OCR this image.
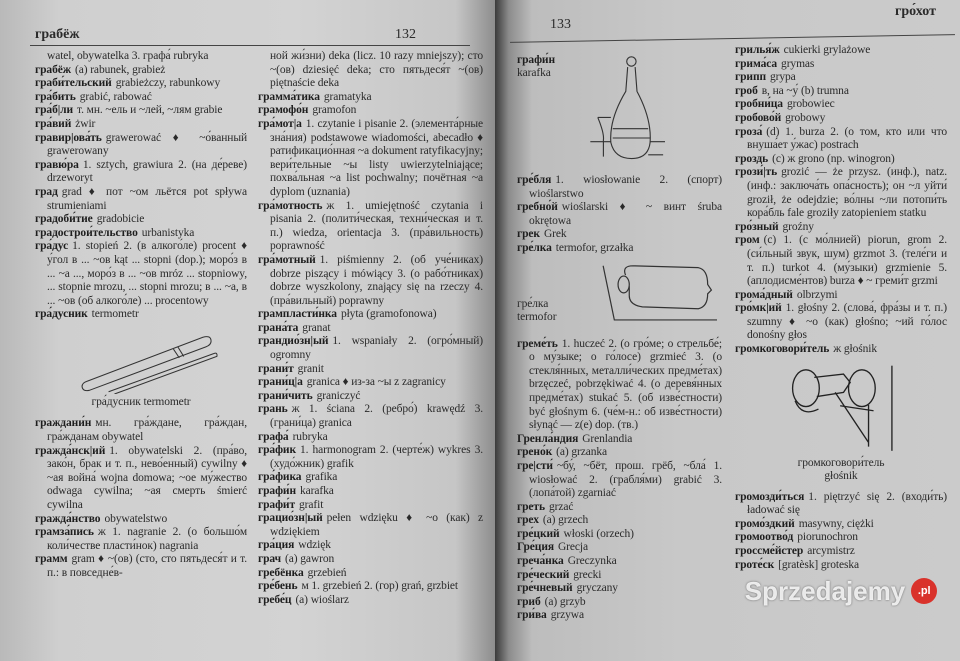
грабёж	132

watel, obywatelka 3. графа́ rubryka

грабёж (a) rabunek, grabież

граби́тельский grabieżczy, rabunkowy

гра́бить grabić, rabować

гра́б|ли т. мн. ~ель и ~лей, ~лям grabie

гра́вий żwir

гравир|ова́ть grawerować ♦ ~о́ванный grawerowany

гравю́ра 1. sztych, grawiura 2. (на де́реве) drzeworyt

град grad ♦ пот ~ом льётся pot spływa strumieniami

градоби́тие gradobicie

градострои́тельство urbanistyka

гра́дус 1. stopień 2. (в алкого́ле) procent ♦ у́гол в ... ~ов kąt ... stopni (dop.); моро́з в ... ~а ..., моро́з в ... ~ов mróz ... stopniowy, ... stopnie mrozu, ... stopni mrozu; в ... ~а, в ... ~ов (об алкого́ле) ... procentowy

гра́дусник termometr

гра́дусник termometr

граждани́н мн. гра́ждане, гра́ждан, гра́жданам obywatel

гражда́нск|ий 1. obywatelski 2. (пра́во, зако́н, брак и т. п., нево́енный) cywilny ♦ ~ая война́ wojna domowa; ~ое му́жество odwaga cywilna; ~ая смерть śmierć cywilna

гражда́нство obywatelstwo

грамза́пись ж 1. nagranie 2. (о большо́м коли́честве пласти́нок) nagrania

грамм gram ♦ ~(ов) (сто, сто пятьдеся́т и т. п.: в повседне́в-

ной жи́зни) deka (licz. 10 razy mniejszy); сто ~(ов) dziesięć deka; сто пятьдеся́т ~(ов) piętnaście deka

грамма́тика gramatyka

грамофо́н gramofon

гра́мот|а 1. czytanie i pisanie 2. (элемента́рные зна́ния) podstawowe wiadomości, abecadło ♦ ратификацио́нная ~а dokument ratyfikacyjny; вери́тельные ~ы listy uwierzytelniające; похва́льная ~а list pochwalny; почётная ~а dyplom (uznania)

гра́мотность ж 1. umiejętność czytania i pisania 2. (полити́ческая, техни́ческая и т. п.) wiedza, orientacja 3. (пра́вильность) poprawność

гра́мотный 1. piśmienny 2. (об уче́никах) dobrze piszący i mówiący 3. (о рабо́тниках) dobrze wyszkolony, znający się na rzeczy 4. (пра́вильный) poprawny

грампласти́нка płyta (gramofonowa)

грана́та granat

грандио́зн|ый 1. wspaniały 2. (огро́мный) ogromny

грани́т granit

грани́ц|а granica ♦ из-за ~ы z zagranicy

грани́чить graniczyć

грань ж 1. ściana 2. (ребро́) krawędź 3. (грани́ца) granica

графа́ rubryka

гра́фик 1. harmonogram 2. (черте́ж) wykres 3. (худо́жник) grafik

гра́фика grafika

графи́н karafka

графи́т grafit

грацио́зн|ый pełen wdzięku ♦ ~о (как) z wdziękiem

гра́ция wdzięk

грач (а) gawron

гребёнка grzebień

гре́бень м 1. grzebień 2. (гор) grań, grzbiet

гребе́ц (а) wioślarz

133
гро́хот
графи́н
karafka

гре́бля 1. wiosłowanie 2. (спорт) wioślarstwo

гребно́й wioślarski ♦ ~ винт śruba okrętowa

грек Grek

гре́лка termofor, grzałka

гре́лка
termofor

греме́ть 1. huczeć 2. (о гро́ме; о стрельбе́; о му́зыке; о го́лосе) grzmieć 3. (о стекля́нных, металли́ческих предме́тах) brzęczeć, pobrzękiwać 4. (о деревя́нных предме́тах) stukać 5. (об изве́стности) być głośnym 6. (че́м-н.: об изве́стности) słynąć — z(e) dop. (тв.)

Гренла́ндия Grenlandia

грено́к (а) grzanka

гре|сти́ ~бу́, ~бёт, прош. грёб, ~бла́ 1. wiosłować 2. (грабля́ми) grabić 3. (лопа́той) zgarniać

греть grzać

грех (а) grzech

гре́цкий włoski (orzech)

Гре́ция Grecja

греча́нка Greczynka

гре́ческий grecki

гре́чневый gryczany

гриб (а) grzyb

гри́ва grzywa

грилья́ж cukierki grylażowe

грима́са grymas

грипп grypa

гроб в, на ~у́ (b) trumna

гробни́ца grobowiec

гробово́й grobowy

гроза́ (d) 1. burza 2. (о том, кто или что внуша́ет у́жас) postrach

гроздь (c) ж grono (np. winogron)

грози́|ть grozić — że przysz. (инф.), natz. (инф.: заключа́ть опа́сность); он ~л уйти́ groził, że odejdzie; во́лны ~ли потопи́ть кора́бль fale groziły zatopieniem statku

гро́зный groźny

гром (c) 1. (с мо́лнией) piorun, grom 2. (си́льный звук, шум) grzmot 3. (теле́ги и т. п.) turkot 4. (му́зыки) grzmienie 5. (аплодисме́нтов) burza ♦ ~ греми́т grzmi

грома́дный olbrzymi

гро́мк|ий 1. głośny 2. (слова́, фра́зы и т. п.) szumny ♦ ~о (как) głośno; ~ий го́лос donośny głos

громкоговори́тель ж głośnik

громкоговори́тель
głośnik

громозди́ться 1. piętrzyć się 2. (входи́ть) ładować się

громо́здкий masywny, ciężki

громоотво́д piorunochron

гроссме́йстер arcymistrz

гроте́ск [gratèsk] groteska

Sprzedajemy	.pl
